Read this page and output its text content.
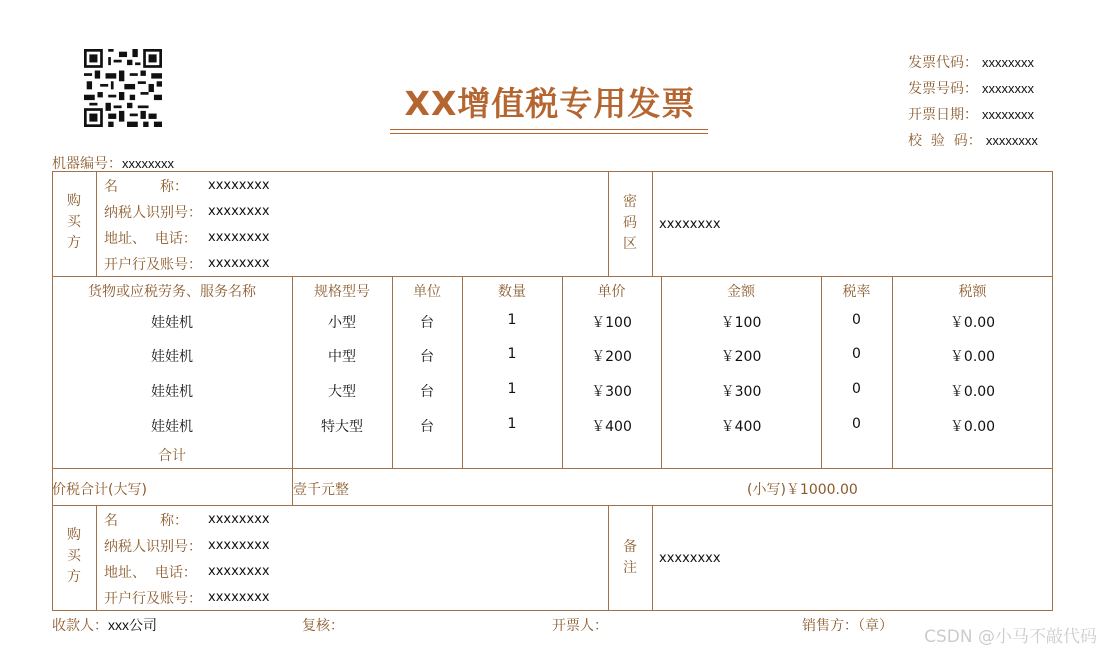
XX增值税专用发票
发票代码： xxxxxxxx
发票号码： xxxxxxxx
开票日期： xxxxxxxx
校  验  码： xxxxxxxx
机器编号：xxxxxxxx
购
买
方
名　　　称： xxxxxxxx
纳税人识别号： xxxxxxxx
地址、  电话： xxxxxxxx
开户行及账号： xxxxxxxx
密
码
区
xxxxxxxx
货物或应税劳务、服务名称	规格型号	单位	数量	单价	金额	税率	税额
娃娃机	小型	台	1	￥100	￥100	0	￥0.00
娃娃机	中型	台	1	￥200	￥200	0	￥0.00
娃娃机	大型	台	1	￥300	￥300	0	￥0.00
娃娃机	特大型	台	1	￥400	￥400	0	￥0.00
合计
价税合计(大写)	壹千元整	(小写)￥1000.00
购
买
方
名　　　称： xxxxxxxx
纳税人识别号： xxxxxxxx
地址、  电话： xxxxxxxx
开户行及账号： xxxxxxxx
备
注
xxxxxxxx
收款人：xxx公司	复核：	开票人：	销售方：（章）
CSDN @小马不敲代码
